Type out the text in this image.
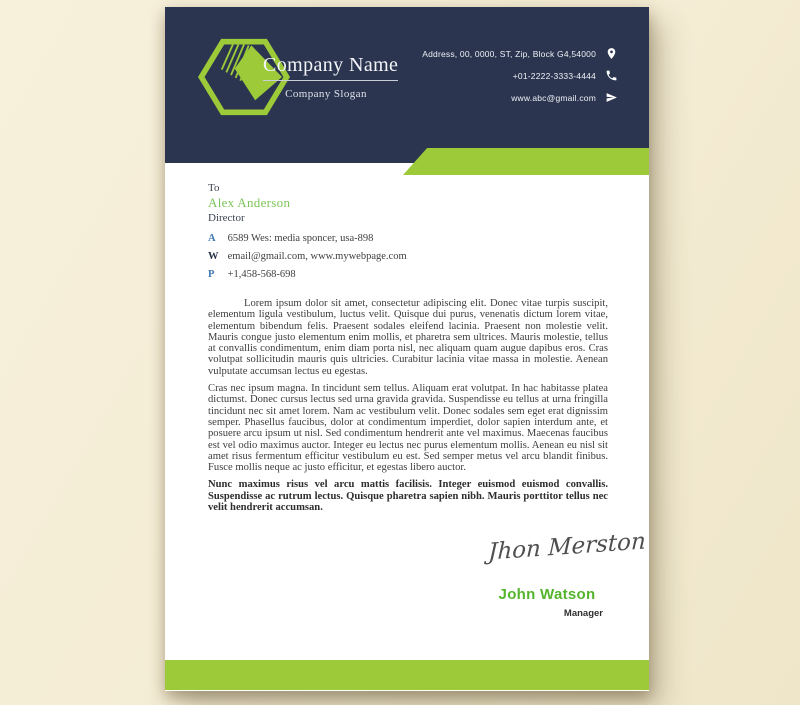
Company Name
Company Slogan
Address, 00, 0000, ST, Zip, Block G4,54000
+01-2222-3333-4444
www.abc@gmail.com
To
Alex Anderson
Director
A 6589 Wes: media sponcer, usa-898
W email@gmail.com, www.mywebpage.com
P +1,458-568-698

Lorem ipsum dolor sit amet, consectetur adipiscing elit. Donec vitae turpis suscipit, elementum ligula vestibulum, luctus velit. Quisque dui purus, venenatis dictum lorem vitae, elementum bibendum felis. Praesent sodales eleifend lacinia. Praesent non molestie velit. Mauris congue justo elementum enim mollis, et pharetra sem ultrices. Mauris molestie, tellus at convallis condimentum, enim diam porta nisl, nec aliquam quam augue dapibus eros. Cras volutpat sollicitudin mauris quis ultricies. Curabitur lacinia vitae massa in molestie. Aenean vulputate accumsan lectus eu egestas.

Cras nec ipsum magna. In tincidunt sem tellus. Aliquam erat volutpat. In hac habitasse platea dictumst. Donec cursus lectus sed urna gravida gravida. Suspendisse eu tellus at urna fringilla tincidunt nec sit amet lorem. Nam ac vestibulum velit. Donec sodales sem eget erat dignissim semper. Phasellus faucibus, dolor at condimentum imperdiet, dolor sapien interdum ante, et posuere arcu ipsum ut nisl. Sed condimentum hendrerit ante vel maximus. Maecenas faucibus est vel odio maximus auctor. Integer eu lectus nec purus elementum mollis. Aenean eu nisl sit amet risus fermentum efficitur vestibulum eu est. Sed semper metus vel arcu blandit finibus. Fusce mollis neque ac justo efficitur, et egestas libero auctor.

Nunc maximus risus vel arcu mattis facilisis. Integer euismod euismod convallis. Suspendisse ac rutrum lectus. Quisque pharetra sapien nibh. Mauris porttitor tellus nec velit hendrerit accumsan.

Jhon Merston
John Watson
Manager
